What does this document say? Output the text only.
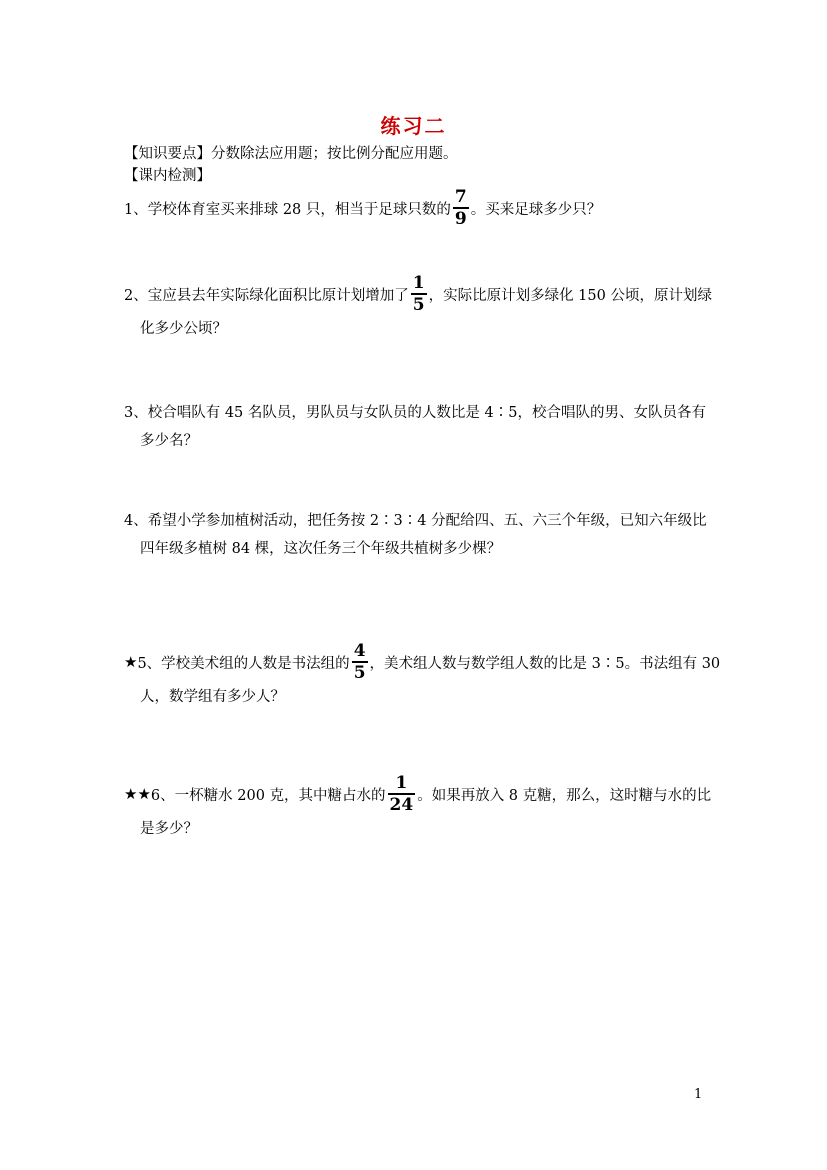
练习二
【知识要点】分数除法应用题；按比例分配应用题。
【课内检测】
1、学校体育室买来排球 28 只，相当于足球只数的 $\frac{7}{9}$ 。买来足球多少只？
2、宝应县去年实际绿化面积比原计划增加了 $\frac{1}{5}$ ，实际比原计划多绿化 150 公顷，原计划绿
化多少公顷？
3、校合唱队有 45 名队员，男队员与女队员的人数比是 4∶5，校合唱队的男、女队员各有
多少名？
4、希望小学参加植树活动，把任务按 2∶3∶4 分配给四、五、六三个年级，已知六年级比
四年级多植树 84 棵，这次任务三个年级共植树多少棵？
★ 5、学校美术组的人数是书法组的 $\frac{4}{5}$ ，美术组人数与数学组人数的比是 3∶5。书法组有 30
人，数学组有多少人？
★★ 6、一杯糖水 200 克，其中糖占水的 $\frac{1}{24}$ 。如果再放入 8 克糖，那么，这时糖与水的比
是多少？
1
